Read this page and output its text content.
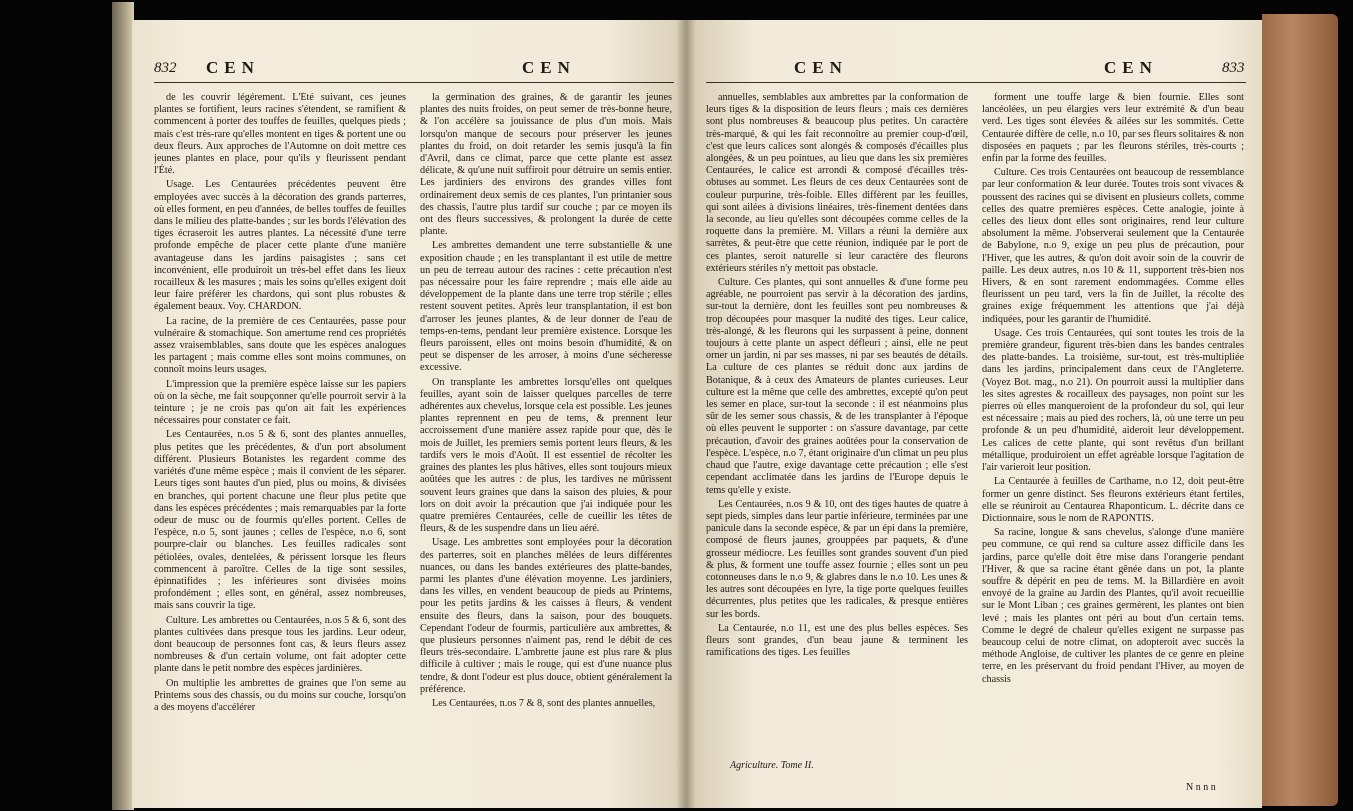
832 CEN	CEN

de les couvrir légérement. L'Été suivant, ces jeunes plantes se fortifient, leurs racines s'étendent, se ramifient & commencent à porter des touffes de feuilles, quelques pieds ; mais c'est très-rare qu'elles montent en tiges & portent une ou deux fleurs. Aux approches de l'Automne on doit mettre ces jeunes plantes en place, pour qu'ils y fleurissent pendant l'Été.

Usage. Les Centaurées précédentes peuvent être employées avec succès à la décoration des grands parterres, où elles forment, en peu d'années, de belles touffes de feuilles dans le milieu des platte-bandes ; sur les bords l'élévation des tiges écraseroit les autres plantes. La nécessité d'une terre profonde empêche de placer cette plante d'une manière avantageuse dans les jardins paisagistes ; sans cet inconvénient, elle produiroit un très-bel effet dans les lieux rocailleux & les masures ; mais les soins qu'elles exigent doit leur faire préférer les chardons, qui sont plus robustes & également beaux. Voy. CHARDON.

La racine, de la première de ces Centaurées, passe pour vulnéraire & stomachique. Son amertume rend ces propriétés assez vraisemblables, sans doute que les espèces analogues les partagent ; mais comme elles sont moins communes, on connoît moins leurs usages.

L'impression que la première espèce laisse sur les papiers où on la sèche, me fait soupçonner qu'elle pourroit servir à la teinture ; je ne crois pas qu'on ait fait les expériences nécessaires pour constater ce fait.

Les Centaurées, n.os 5 & 6, sont des plantes annuelles, plus petites que les précédentes, & d'un port absolument différent. Plusieurs Botanistes les regardent comme des variétés d'une même espèce ; mais il convient de les séparer. Leurs tiges sont hautes d'un pied, plus ou moins, & divisées en branches, qui portent chacune une fleur plus petite que dans les espèces précédentes ; mais remarquables par la forte odeur de musc ou de fourmis qu'elles portent. Celles de l'espèce, n.o 5, sont jaunes ; celles de l'espèce, n.o 6, sont pourpre-clair ou blanches. Les feuilles radicales sont pétiolées, ovales, dentelées, & périssent lorsque les fleurs commencent à paroître. Celles de la tige sont sessiles, épinnatifides ; les inférieures sont divisées moins profondément ; elles sont, en général, assez nombreuses, mais sans couvrir la tige.

Culture. Les ambrettes ou Centaurées, n.os 5 & 6, sont des plantes cultivées dans presque tous les jardins. Leur odeur, dont beaucoup de personnes font cas, & leurs fleurs assez nombreuses & d'un certain volume, ont fait adopter cette plante dans le petit nombre des espèces jardinières.

On multiplie les ambrettes de graines que l'on seme au Printems sous des chassis, ou du moins sur couche, lorsqu'on a des moyens d'accélérer

la germination des graines, & de garantir les jeunes plantes des nuits froides, on peut semer de très-bonne heure, & l'on accélère sa jouissance de plus d'un mois. Mais lorsqu'on manque de secours pour préserver les jeunes plantes du froid, on doit retarder les semis jusqu'à la fin d'Avril, dans ce climat, parce que cette plante est assez délicate, & qu'une nuit suffiroit pour détruire un semis entier. Les jardiniers des environs des grandes villes font ordinairement deux semis de ces plantes, l'un printanier sous des chassis, l'autre plus tardif sur couche ; par ce moyen ils ont des fleurs successives, & prolongent la durée de cette plante.

Les ambrettes demandent une terre substantielle & une exposition chaude ; en les transplantant il est utile de mettre un peu de terreau autour des racines : cette précaution n'est pas nécessaire pour les faire reprendre ; mais elle aide au développement de la plante dans une terre trop stérile ; elles restent souvent petites. Après leur transplantation, il est bon d'arroser les jeunes plantes, & de leur donner de l'eau de temps-en-tems, pendant leur première existence. Lorsque les fleurs paroissent, elles ont moins besoin d'humidité, & on peut se dispenser de les arroser, à moins d'une sécheresse excessive.

On transplante les ambrettes lorsqu'elles ont quelques feuilles, ayant soin de laisser quelques parcelles de terre adhérentes aux chevelus, lorsque cela est possible. Les jeunes plantes reprennent en peu de tems, & prennent leur accroissement d'une manière assez rapide pour que, dès le mois de Juillet, les premiers semis portent leurs fleurs, & les tardifs vers le mois d'Août. Il est essentiel de récolter les graines des plantes les plus hâtives, elles sont toujours mieux aoûtées que les autres : de plus, les tardives ne mûrissent souvent leurs graines que dans la saison des pluies, & pour lors on doit avoir la précaution que j'ai indiquée pour les quatre premières Centaurées, celle de cueillir les têtes de fleurs, & de les suspendre dans un lieu aéré.

Usage. Les ambrettes sont employées pour la décoration des parterres, soit en planches mêlées de leurs différentes nuances, ou dans les bandes extérieures des platte-bandes, parmi les plantes d'une élévation moyenne. Les jardiniers, dans les villes, en vendent beaucoup de pieds au Printems, pour les petits jardins & les caisses à fleurs, & vendent ensuite des fleurs, dans la saison, pour des bouquets. Cependant l'odeur de fourmis, particulière aux ambrettes, & que plusieurs personnes n'aiment pas, rend le débit de ces fleurs très-secondaire. L'ambrette jaune est plus rare & plus difficile à cultiver ; mais le rouge, qui est d'une nuance plus tendre, & dont l'odeur est plus douce, obtient généralement la préférence.

Les Centaurées, n.os 7 & 8, sont des plantes annuelles,

CEN	CEN	833

annuelles, semblables aux ambrettes par la conformation de leurs tiges & la disposition de leurs fleurs ; mais ces dernières sont plus nombreuses & beaucoup plus petites. Un caractère très-marqué, & qui les fait reconnoître au premier coup-d'œil, c'est que leurs calices sont alongés & composés d'écailles plus alongées, & un peu pointues, au lieu que dans les six premières Centaurées, le calice est arrondi & composé d'écailles très-obtuses au sommet. Les fleurs de ces deux Centaurées sont de couleur purpurine, très-foible. Elles diffèrent par les feuilles, qui sont ailées à divisions linéaires, très-finement dentées dans la seconde, au lieu qu'elles sont découpées comme celles de la roquette dans la première. M. Villars a réuni la dernière aux sarrètes, & peut-être que cette réunion, indiquée par le port de ces plantes, seroit naturelle si leur caractère des fleurons extérieurs stériles n'y mettoit pas obstacle.

Culture. Ces plantes, qui sont annuelles & d'une forme peu agréable, ne pourroient pas servir à la décoration des jardins, sur-tout la dernière, dont les feuilles sont peu nombreuses & trop découpées pour masquer la nudité des tiges. Leur calice, très-alongé, & les fleurons qui les surpassent à peine, donnent toujours à cette plante un aspect défleuri ; ainsi, elle ne peut orner un jardin, ni par ses masses, ni par ses beautés de détails. La culture de ces plantes se réduit donc aux jardins de Botanique, & à ceux des Amateurs de plantes curieuses. Leur culture est la même que celle des ambrettes, excepté qu'on peut les semer en place, sur-tout la seconde : il est néanmoins plus sûr de les semer sous chassis, & de les transplanter à l'époque où elles peuvent le supporter : on s'assure davantage, par cette précaution, d'avoir des graines aoûtées pour la conservation de l'espèce. L'espèce, n.o 7, étant originaire d'un climat un peu plus chaud que l'autre, exige davantage cette précaution ; elle s'est cependant acclimatée dans les jardins de l'Europe depuis le tems qu'elle y existe.

Les Centaurées, n.os 9 & 10, ont des tiges hautes de quatre à sept pieds, simples dans leur partie inférieure, terminées par une panicule dans la seconde espèce, & par un épi dans la première, composé de fleurs jaunes, grouppées par paquets, & d'une grosseur médiocre. Les feuilles sont grandes souvent d'un pied & plus, & forment une touffe assez fournie ; elles sont un peu cotonneuses dans le n.o 9, & glabres dans le n.o 10. Les unes & les autres sont découpées en lyre, la tige porte quelques feuilles décurrentes, plus petites que les radicales, & presque entières sur les bords.

La Centaurée, n.o 11, est une des plus belles espèces. Ses fleurs sont grandes, d'un beau jaune & terminent les ramifications des tiges. Les feuilles

forment une touffe large & bien fournie. Elles sont lancéolées, un peu élargies vers leur extrémité & d'un beau verd. Les tiges sont élevées & ailées sur les sommités. Cette Centaurée diffère de celle, n.o 10, par ses fleurs solitaires & non disposées en paquets ; par les fleurons stériles, très-courts ; enfin par la forme des feuilles.

Culture. Ces trois Centaurées ont beaucoup de ressemblance par leur conformation & leur durée. Toutes trois sont vivaces & poussent des racines qui se divisent en plusieurs collets, comme celles des quatre premières espèces. Cette analogie, jointe à celles des lieux dont elles sont originaires, rend leur culture absolument la même. J'observerai seulement que la Centaurée de Babylone, n.o 9, exige un peu plus de précaution, pour l'Hiver, que les autres, & qu'on doit avoir soin de la couvrir de paille. Les deux autres, n.os 10 & 11, supportent très-bien nos Hivers, & en sont rarement endommagées. Comme elles fleurissent un peu tard, vers la fin de Juillet, la récolte des graines exige fréquemment les attentions que j'ai déjà indiquées, pour les garantir de l'humidité.

Usage. Ces trois Centaurées, qui sont toutes les trois de la première grandeur, figurent très-bien dans les bandes centrales des platte-bandes. La troisième, sur-tout, est très-multipliée dans les jardins, principalement dans ceux de l'Angleterre. (Voyez Bot. mag., n.o 21). On pourroit aussi la multiplier dans les sites agrestes & rocailleux des paysages, non point sur les pierres où elles manqueroient de la profondeur du sol, qui leur est nécessaire ; mais au pied des rochers, là, où une terre un peu profonde & un peu d'humidité, aideroit leur développement. Les calices de cette plante, qui sont revêtus d'un brillant métallique, produiroient un effet agréable lorsque l'agitation de l'air varieroit leur position.

La Centaurée à feuilles de Carthame, n.o 12, doit peut-être former un genre distinct. Ses fleurons extérieurs étant fertiles, elle se réuniroit au Centaurea Rhaponticum. L. décrite dans ce Dictionnaire, sous le nom de RAPONTIS.

Sa racine, longue & sans chevelus, s'alonge d'une manière peu commune, ce qui rend sa culture assez difficile dans les jardins, parce qu'elle doit être mise dans l'orangerie pendant l'Hiver, & que sa racine étant gênée dans un pot, la plante souffre & dépérit en peu de tems. M. la Billardière en avoit envoyé de la graine au Jardin des Plantes, qu'il avoit recueillie sur le Mont Liban ; ces graines germèrent, les plantes ont bien levé ; mais les plantes ont péri au bout d'un certain tems. Comme le degré de chaleur qu'elles exigent ne surpasse pas beaucoup celui de notre climat, on adopteroit avec succès la méthode Angloise, de cultiver les plantes de ce genre en pleine terre, en les préservant du froid pendant l'Hiver, au moyen de chassis

Agriculture. Tome II.
N n n n
